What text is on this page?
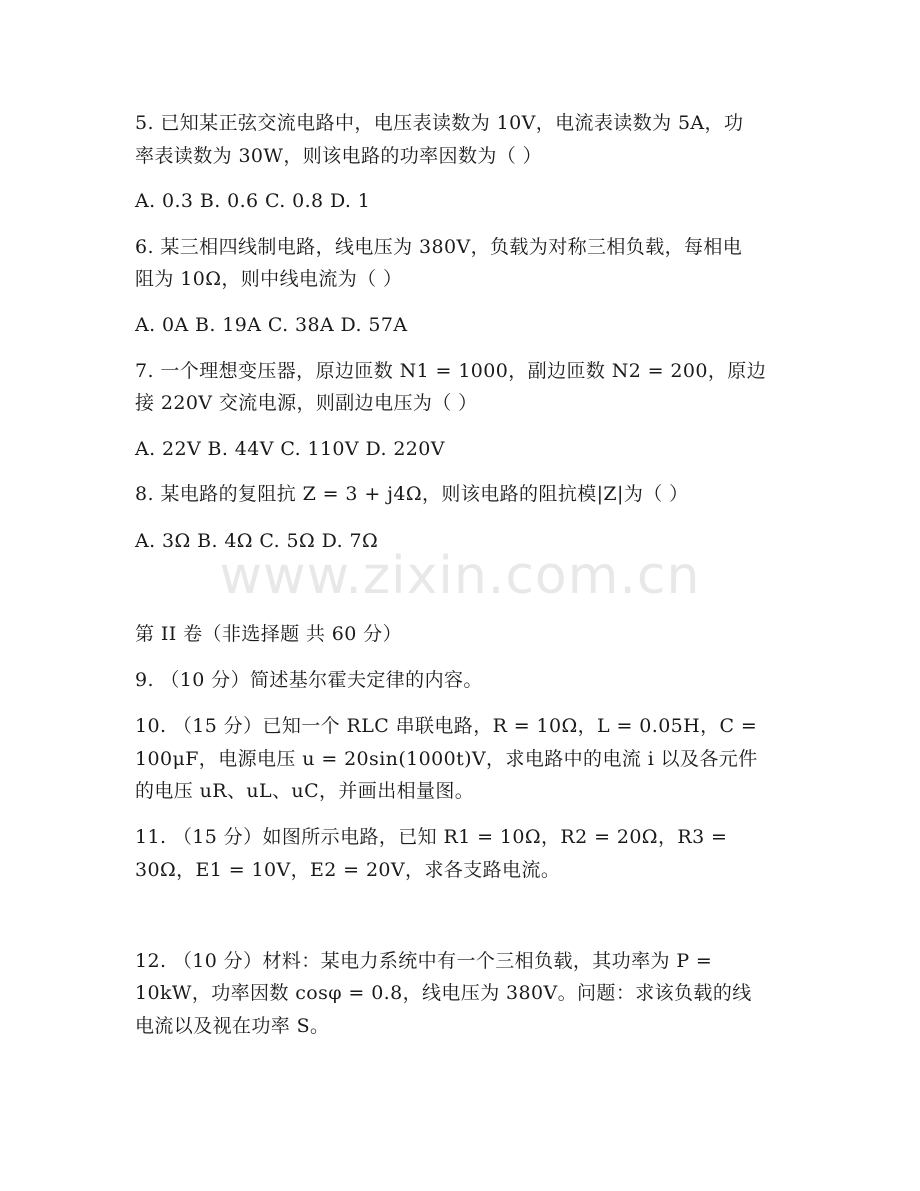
5. 已知某正弦交流电路中，电压表读数为 10V，电流表读数为 5A，功
率表读数为 30W，则该电路的功率因数为（ ）
A. 0.3 B. 0.6 C. 0.8 D. 1
6. 某三相四线制电路，线电压为 380V，负载为对称三相负载，每相电
阻为 10Ω，则中线电流为（ ）
A. 0A B. 19A C. 38A D. 57A
7. 一个理想变压器，原边匝数 N1 = 1000，副边匝数 N2 = 200，原边
接 220V 交流电源，则副边电压为（ ）
A. 22V B. 44V C. 110V D. 220V
8. 某电路的复阻抗 Z = 3 + j4Ω，则该电路的阻抗模|Z|为（ ）
A. 3Ω B. 4Ω C. 5Ω D. 7Ω
www.zixin.com.cn
第 II 卷（非选择题 共 60 分）
9. （10 分）简述基尔霍夫定律的内容。
10. （15 分）已知一个 RLC 串联电路，R = 10Ω，L = 0.05H，C =
100μF，电源电压 u = 20sin(1000t)V，求电路中的电流 i 以及各元件
的电压 uR、uL、uC，并画出相量图。
11. （15 分）如图所示电路，已知 R1 = 10Ω，R2 = 20Ω，R3 =
30Ω，E1 = 10V，E2 = 20V，求各支路电流。
12. （10 分）材料：某电力系统中有一个三相负载，其功率为 P =
10kW，功率因数 cosφ = 0.8，线电压为 380V。问题：求该负载的线
电流以及视在功率 S。
